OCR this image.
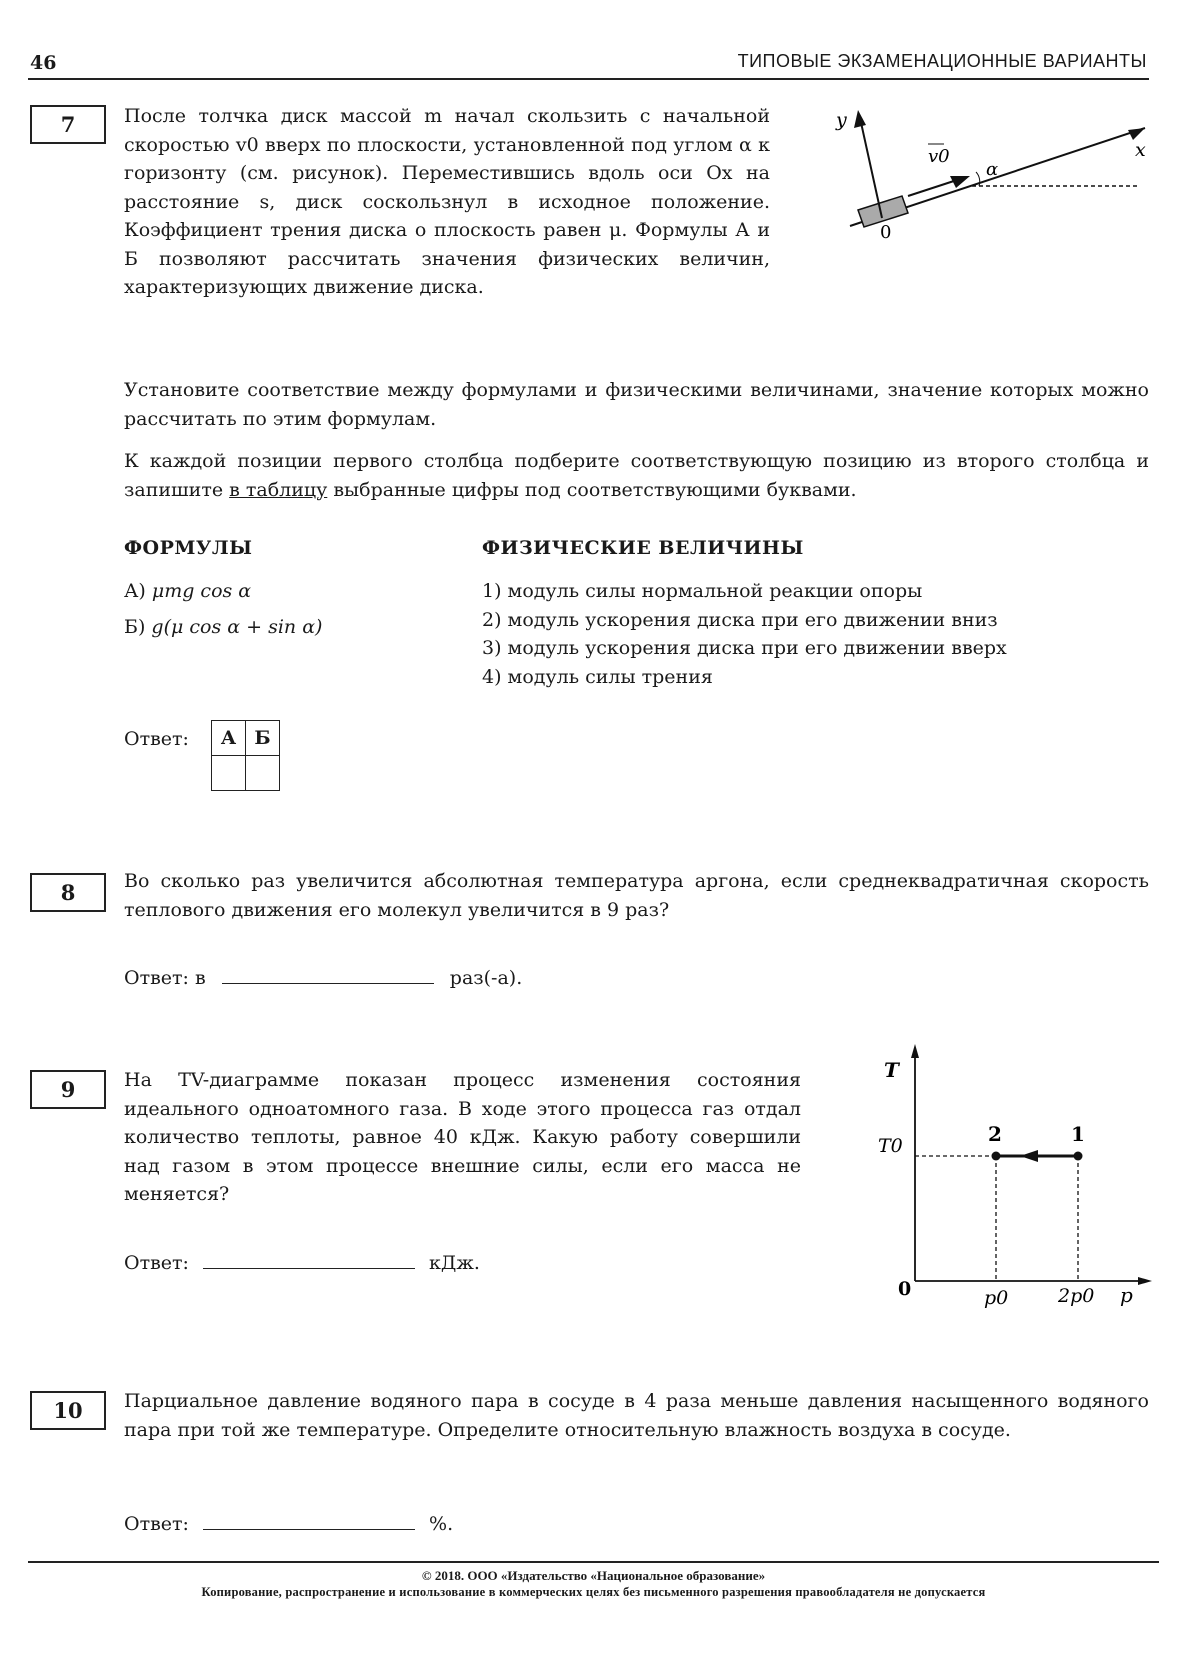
46	ТИПОВЫЕ ЭКЗАМЕНАЦИОННЫЕ ВАРИАНТЫ
7	После толчка диск массой m начал скользить с начальной скоростью v0 вверх по плоскости, установленной под углом α к горизонту (см. рисунок). Переместившись вдоль оси Ox на расстояние s, диск соскользнул в исходное положение. Коэффициент трения диска о плоскость равен μ. Формулы А и Б позволяют рассчитать значения физических величин, характеризующих движение диска.
y
x
v0
α
0
Установите соответствие между формулами и физическими величинами, значение которых можно рассчитать по этим формулам.
К каждой позиции первого столбца подберите соответствующую позицию из второго столбца и запишите в таблицу выбранные цифры под соответствующими буквами.
ФОРМУЛЫ	ФИЗИЧЕСКИЕ ВЕЛИЧИНЫ
А) μmg cos α
Б) g(μ cos α + sin α)
1) модуль силы нормальной реакции опоры
2) модуль ускорения диска при его движении вниз
3) модуль ускорения диска при его движении вверх
4) модуль силы трения
Ответ: А	Б

8	Во сколько раз увеличится абсолютная температура аргона, если среднеквадратичная скорость теплового движения его молекул увеличится в 9 раз?
Ответ: в	раз(-а).
9	На TV-диаграмме показан процесс изменения состояния идеального одноатомного газа. В ходе этого процесса газ отдал количество теплоты, равное 40 кДж. Какую работу совершили над газом в этом процессе внешние силы, если его масса не меняется?
Ответ:	кДж.
T
T0	2	1
0	p0	2p0 p
10	Парциальное давление водяного пара в сосуде в 4 раза меньше давления насыщенного водяного пара при той же температуре. Определите относительную влажность воздуха в сосуде.
Ответ:	%.
© 2018. ООО «Издательство «Национальное образование»
Копирование, распространение и использование в коммерческих целях без письменного разрешения правообладателя не допускается
